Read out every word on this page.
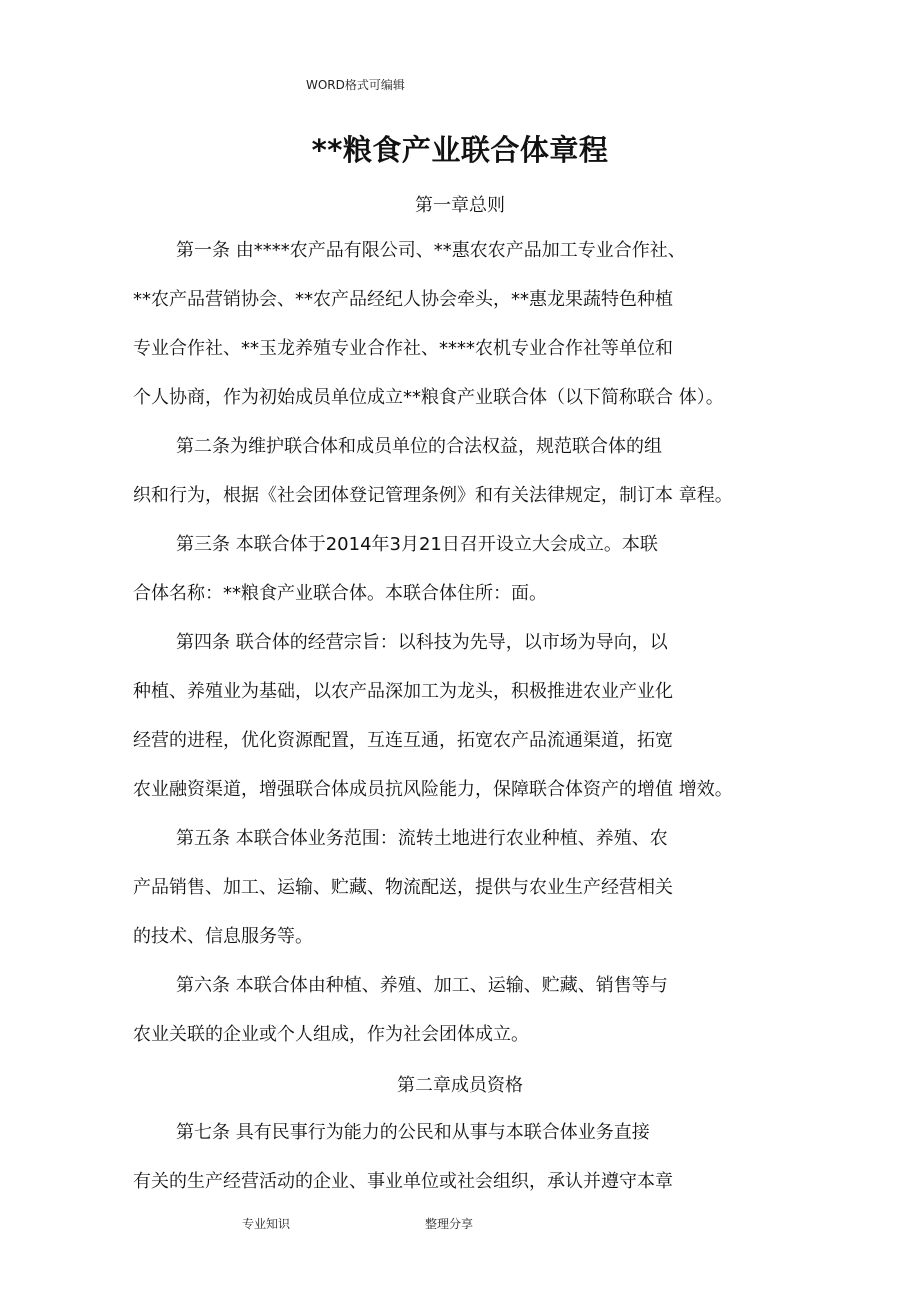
WORD格式可编辑
**粮食产业联合体章程
第一章总则
第一条 由****农产品有限公司、**惠农农产品加工专业合作社、
**农产品营销协会、**农产品经纪人协会牵头，**惠龙果蔬特色种植
专业合作社、**玉龙养殖专业合作社、****农机专业合作社等单位和
个人协商，作为初始成员单位成立**粮食产业联合体（以下简称联合 体）。
第二条为维护联合体和成员单位的合法权益，规范联合体的组
织和行为，根据《社会团体登记管理条例》和有关法律规定，制订本 章程。
第三条 本联合体于2014年3月21日召开设立大会成立。本联
合体名称：**粮食产业联合体。本联合体住所：面。
第四条 联合体的经营宗旨：以科技为先导，以市场为导向，以
种植、养殖业为基础，以农产品深加工为龙头，积极推进农业产业化
经营的进程，优化资源配置，互连互通，拓宽农产品流通渠道，拓宽
农业融资渠道，增强联合体成员抗风险能力，保障联合体资产的增值 增效。
第五条 本联合体业务范围：流转土地进行农业种植、养殖、农
产品销售、加工、运输、贮藏、物流配送，提供与农业生产经营相关
的技术、信息服务等。
第六条 本联合体由种植、养殖、加工、运输、贮藏、销售等与
农业关联的企业或个人组成，作为社会团体成立。
第二章成员资格
第七条 具有民事行为能力的公民和从事与本联合体业务直接
有关的生产经营活动的企业、事业单位或社会组织，承认并遵守本章
专业知识	整理分享
